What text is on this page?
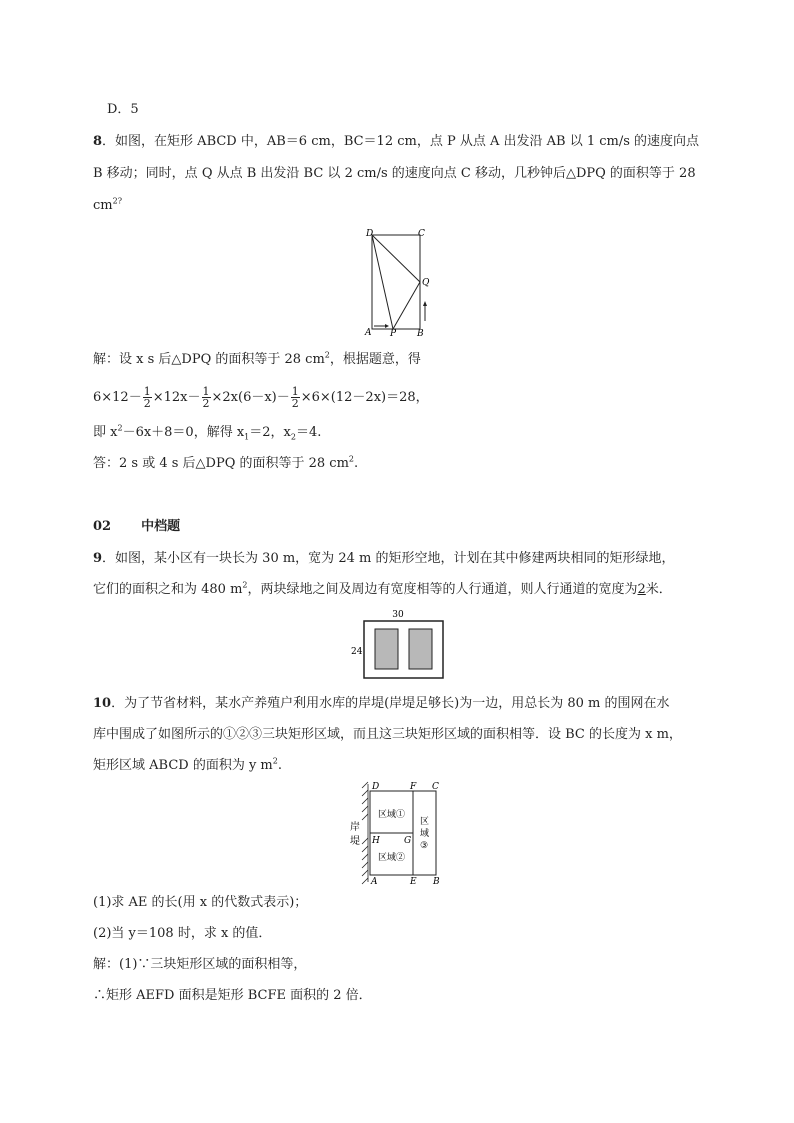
D．5
8．如图，在矩形 ABCD 中，AB＝6 cm，BC＝12 cm，点 P 从点 A 出发沿 AB 以 1 cm/s 的速度向点
B 移动；同时，点 Q 从点 B 出发沿 BC 以 2 cm/s 的速度向点 C 移动，几秒钟后△DPQ 的面积等于 28
$cm^{2?}$
D	C
Q
A P B
解：设 x s 后△DPQ 的面积等于 28 $cm^2$，根据题意，得
$6\times 12- \frac{1}{2} \times 12x- \frac{1}{2} \times 2x(6-x)- \frac{1}{2} \times 6\times(12-2x)=28$，
即 $x^2-6x+8=0$，解得 $x_1=2$，$x_2=4$.
答：2 s 或 4 s 后△DPQ 的面积等于 28 $cm^2$.
02 中档题
9．如图，某小区有一块长为 30 m，宽为 24 m 的矩形空地，计划在其中修建两块相同的矩形绿地，
它们的面积之和为 480 $m^2$，两块绿地之间及周边有宽度相等的人行通道，则人行通道的宽度为2米．
30
24
10．为了节省材料，某水产养殖户利用水库的岸堤(岸堤足够长)为一边，用总长为 80 m 的围网在水
库中围成了如图所示的①②③三块矩形区域，而且这三块矩形区域的面积相等．设 BC 的长度为 x m，
矩形区域 ABCD 的面积为 y $m^2$.
岸
堤
D	F C
H	G
A	E B
区域①
区域②
区
域
③
(1)求 AE 的长(用 x 的代数式表示)；
(2)当 y＝108 时，求 x 的值．
解：(1)∵三块矩形区域的面积相等，
∴矩形 AEFD 面积是矩形 BCFE 面积的 2 倍．
